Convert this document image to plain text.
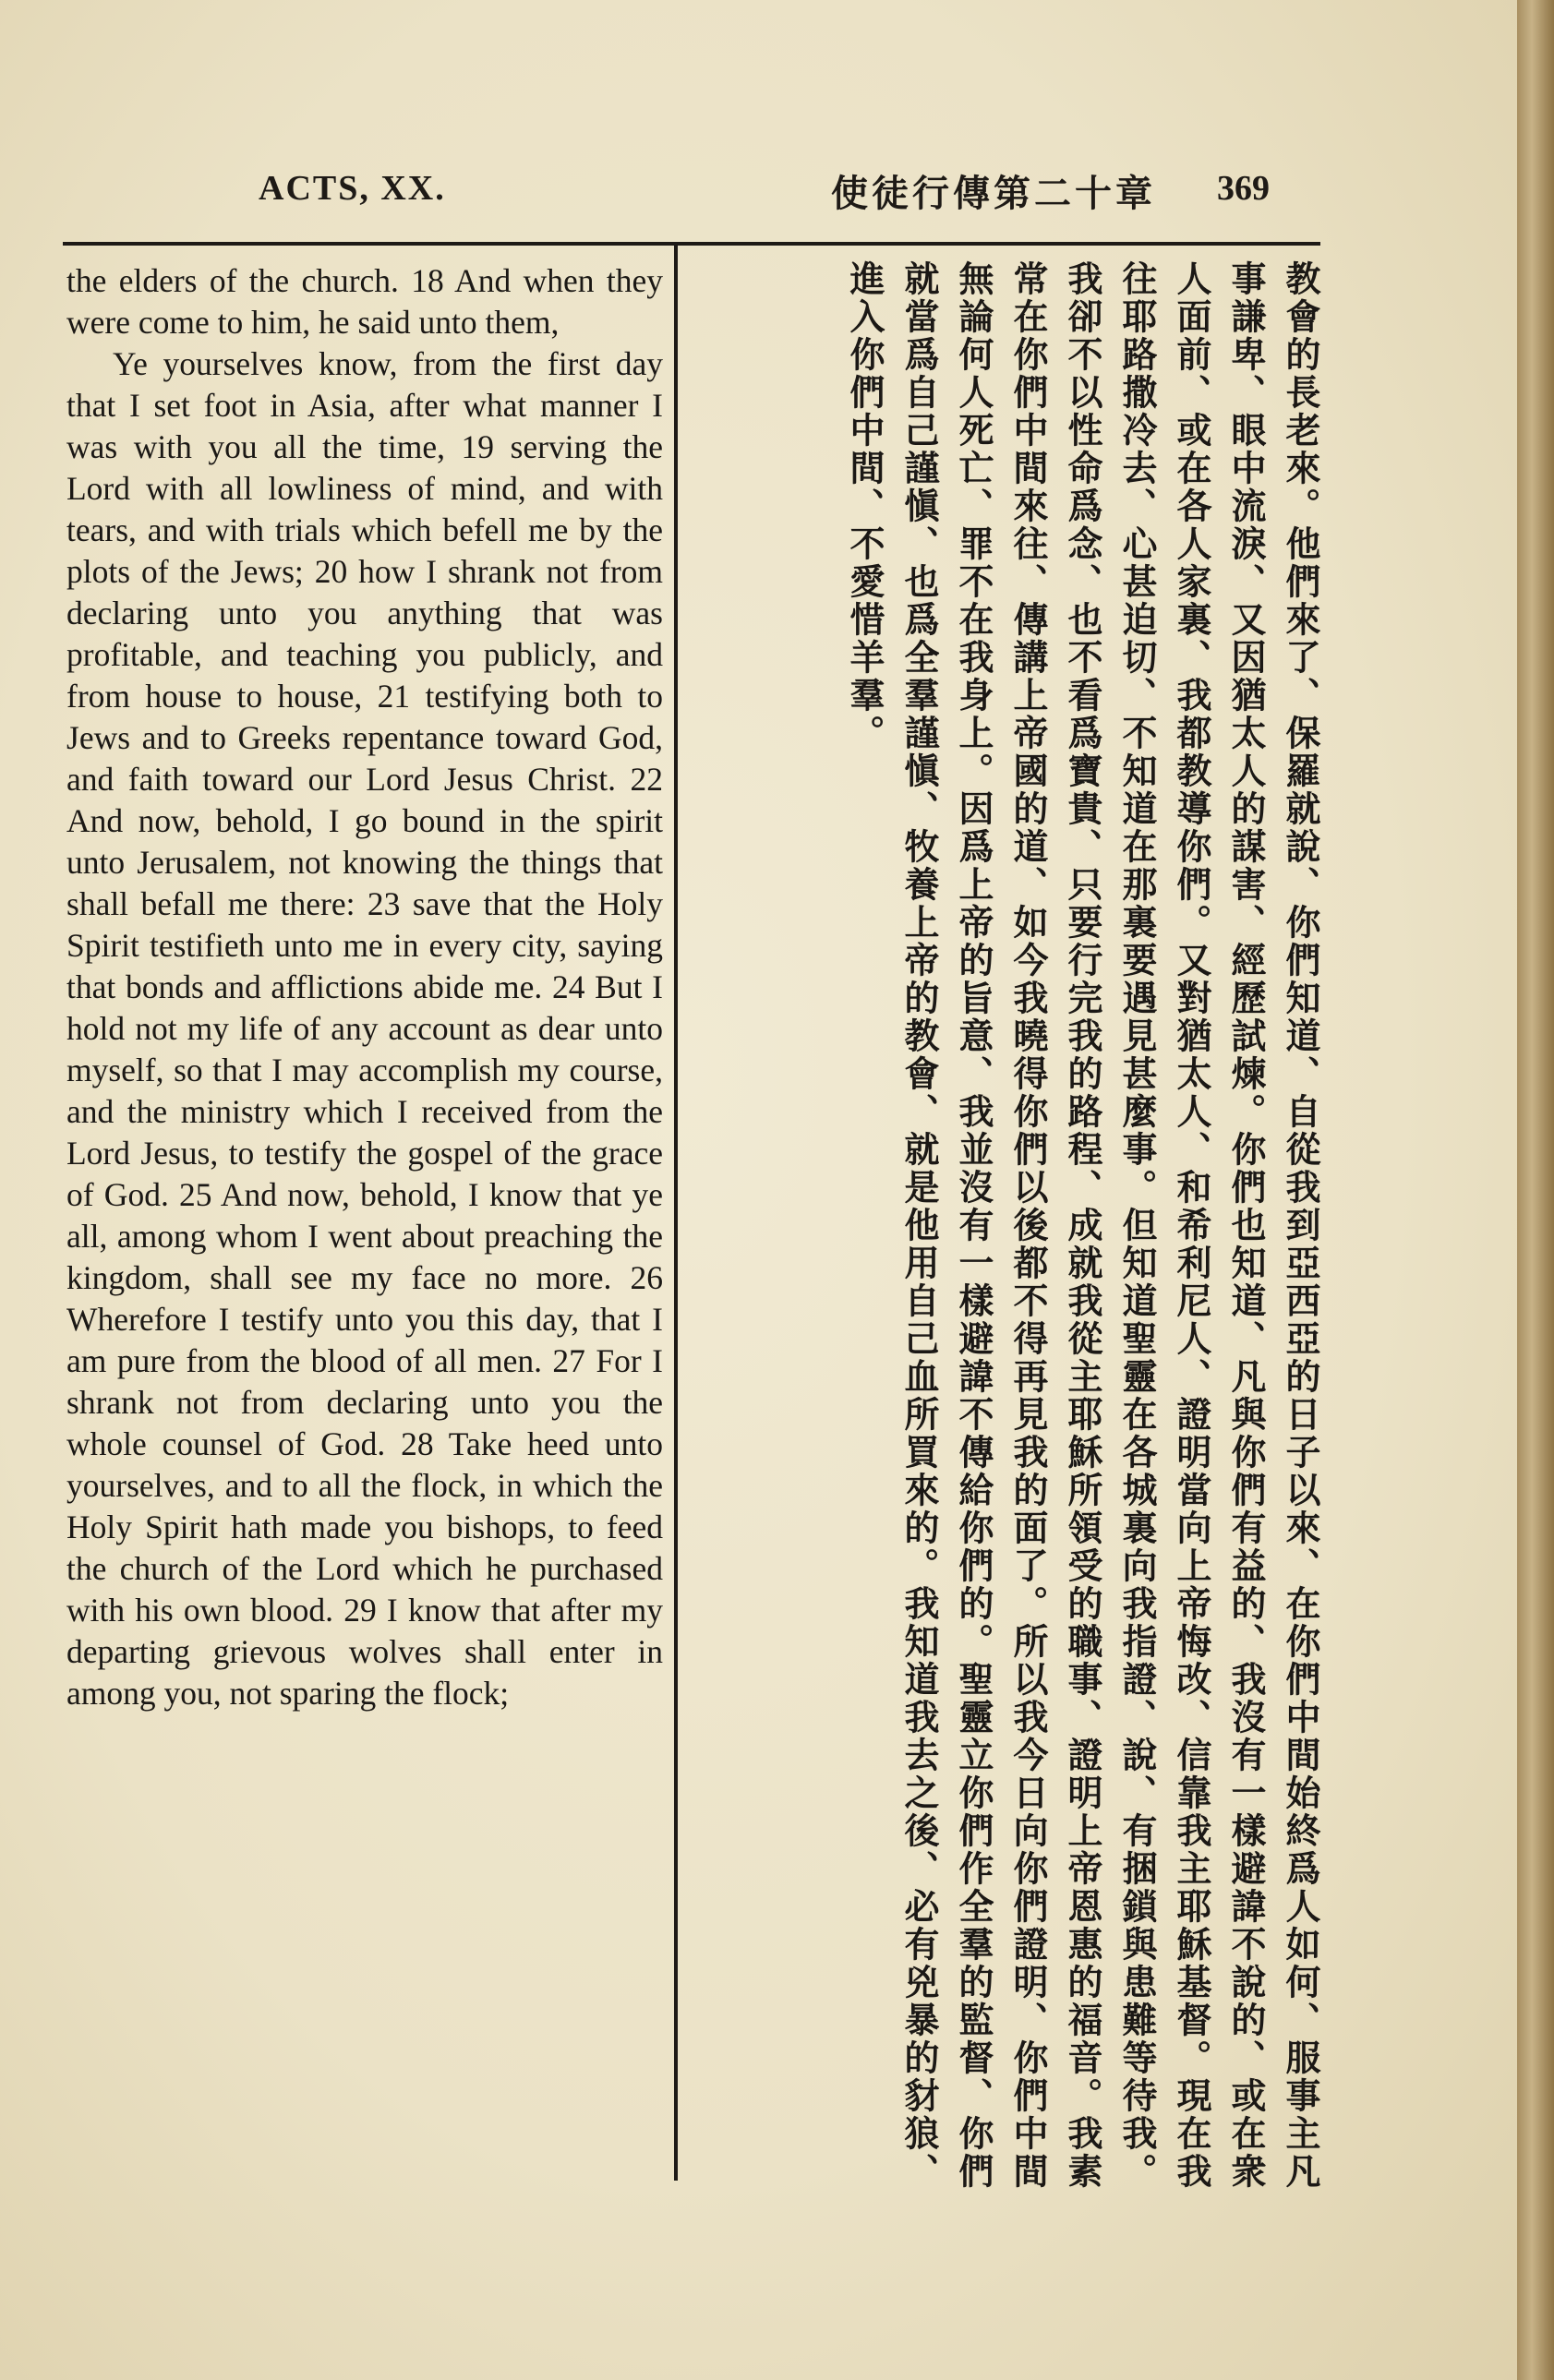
ACTS, XX.	使徒行傳第二十章 369

the elders of the church. 18 And when they were come to him, he said unto them,

Ye yourselves know, from the first day that I set foot in Asia, after what manner I was with you all the time, 19 serving the Lord with all lowliness of mind, and with tears, and with trials which befell me by the plots of the Jews; 20 how I shrank not from declaring unto you anything that was profitable, and teaching you publicly, and from house to house, 21 testifying both to Jews and to Greeks repentance toward God, and faith toward our Lord Jesus Christ. 22 And now, behold, I go bound in the spirit unto Jerusalem, not knowing the things that shall befall me there: 23 save that the Holy Spirit testifieth unto me in every city, saying that bonds and afflictions abide me. 24 But I hold not my life of any account as dear unto myself, so that I may accomplish my course, and the ministry which I received from the Lord Jesus, to testify the gospel of the grace of God. 25 And now, behold, I know that ye all, among whom I went about preaching the kingdom, shall see my face no more. 26 Wherefore I testify unto you this day, that I am pure from the blood of all men. 27 For I shrank not from declaring unto you the whole counsel of God. 28 Take heed unto yourselves, and to all the flock, in which the Holy Spirit hath made you bishops, to feed the church of the Lord which he purchased with his own blood. 29 I know that after my departing grievous wolves shall enter in among you, not sparing the flock;	教會的長老來。他們來了、保羅就說、你們知道、自從我到亞西亞的日子以來、在你們中間始終爲人如何、服事主凡事謙卑、眼中流淚、又因猶太人的謀害、經歷試煉。你們也知道、凡與你們有益的、我沒有一樣避諱不說的、或在衆人面前、或在各人家裏、我都教導你們。又對猶太人、和希利尼人、證明當向上帝悔改、信靠我主耶穌基督。現在我往耶路撒冷去、心甚迫切、不知道在那裏要遇見甚麼事。但知道聖靈在各城裏向我指證、說、有捆鎖與患難等待我。我卻不以性命爲念、也不看爲寶貴、只要行完我的路程、成就我從主耶穌所領受的職事、證明上帝恩惠的福音。我素常在你們中間來往、傳講上帝國的道、如今我曉得你們以後都不得再見我的面了。所以我今日向你們證明、你們中間無論何人死亡、罪不在我身上。因爲上帝的旨意、我並沒有一樣避諱不傳給你們的。聖靈立你們作全羣的監督、你們就當爲自己謹愼、也爲全羣謹愼、牧養上帝的教會、就是他用自己血所買來的。我知道我去之後、必有兇暴的豺狼、進入你們中間、不愛惜羊羣。
